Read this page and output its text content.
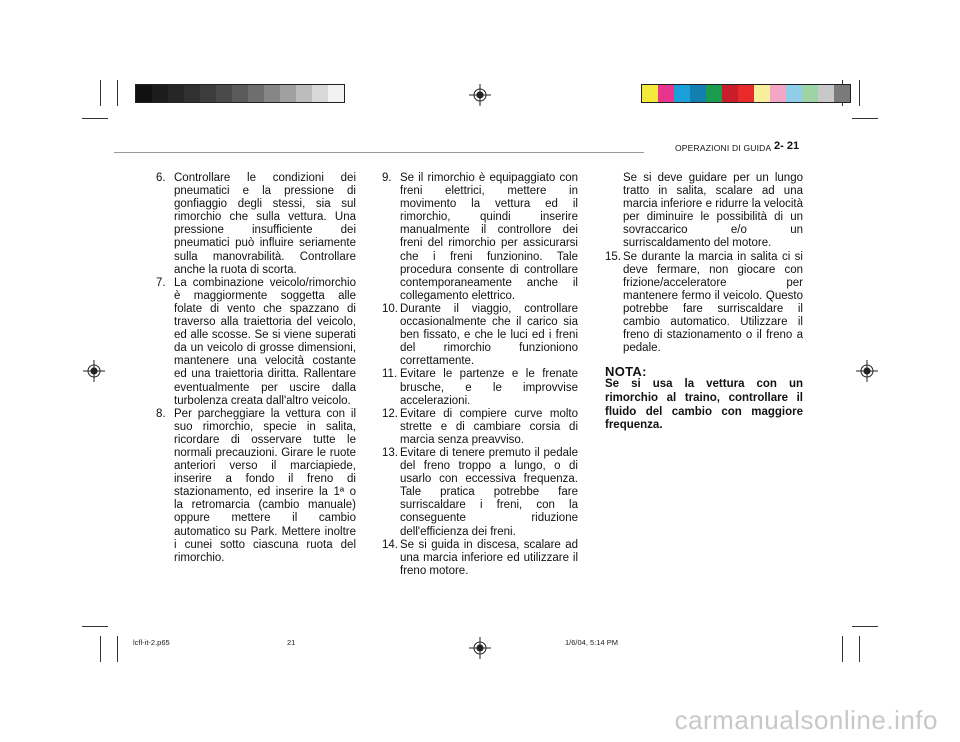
OPERAZIONI DI GUIDA 2- 21
6. Controllare le condizioni dei pneumatici e la pressione di gonfiaggio degli stessi, sia sul rimorchio che sulla vettura. Una pressione insufficiente dei pneumatici può influire seriamente sulla manovrabilità. Controllare anche la ruota di scorta.
7. La combinazione veicolo/rimorchio è maggiormente soggetta alle folate di vento che spazzano di traverso alla traiettoria del veicolo, ed alle scosse. Se si viene superati da un veicolo di grosse dimensioni, mantenere una velocità costante ed una traiettoria diritta. Rallentare eventualmente per uscire dalla turbolenza creata dall'altro veicolo.
8. Per parcheggiare la vettura con il suo rimorchio, specie in salita, ricordare di osservare tutte le normali precauzioni. Girare le ruote anteriori verso il marciapiede, inserire a fondo il freno di stazionamento, ed inserire la 1ª o la retromarcia (cambio manuale) oppure mettere il cambio automatico su Park. Mettere inoltre i cunei sotto ciascuna ruota del rimorchio.
9. Se il rimorchio è equipaggiato con freni elettrici, mettere in movimento la vettura ed il rimorchio, quindi inserire manualmente il controllore dei freni del rimorchio per assicurarsi che i freni funzionino. Tale procedura consente di controllare contemporaneamente anche il collegamento elettrico.
10. Durante il viaggio, controllare occasionalmente che il carico sia ben fissato, e che le luci ed i freni del rimorchio funzioniono correttamente.
11. Evitare le partenze e le frenate brusche, e le improvvise accelerazioni.
12. Evitare di compiere curve molto strette e di cambiare corsia di marcia senza preavviso.
13. Evitare di tenere premuto il pedale del freno troppo a lungo, o di usarlo con eccessiva frequenza. Tale pratica potrebbe fare surriscaldare i freni, con la conseguente riduzione dell'efficienza dei freni.
14. Se si guida in discesa, scalare ad una marcia inferiore ed utilizzare il freno motore.
Se si deve guidare per un lungo tratto in salita, scalare ad una marcia inferiore e ridurre la velocità per diminuire le possibilità di un sovraccarico e/o un surriscaldamento del motore.
15. Se durante la marcia in salita ci si deve fermare, non giocare con frizione/acceleratore per mantenere fermo il veicolo. Questo potrebbe fare surriscaldare il cambio automatico. Utilizzare il freno di stazionamento o il freno a pedale.
NOTA:
Se si usa la vettura con un rimorchio al traino, controllare il fluido del cambio con maggiore frequenza.
lcfl-it-2.p65	21	1/6/04, 5:14 PM
carmanualsonline.info
